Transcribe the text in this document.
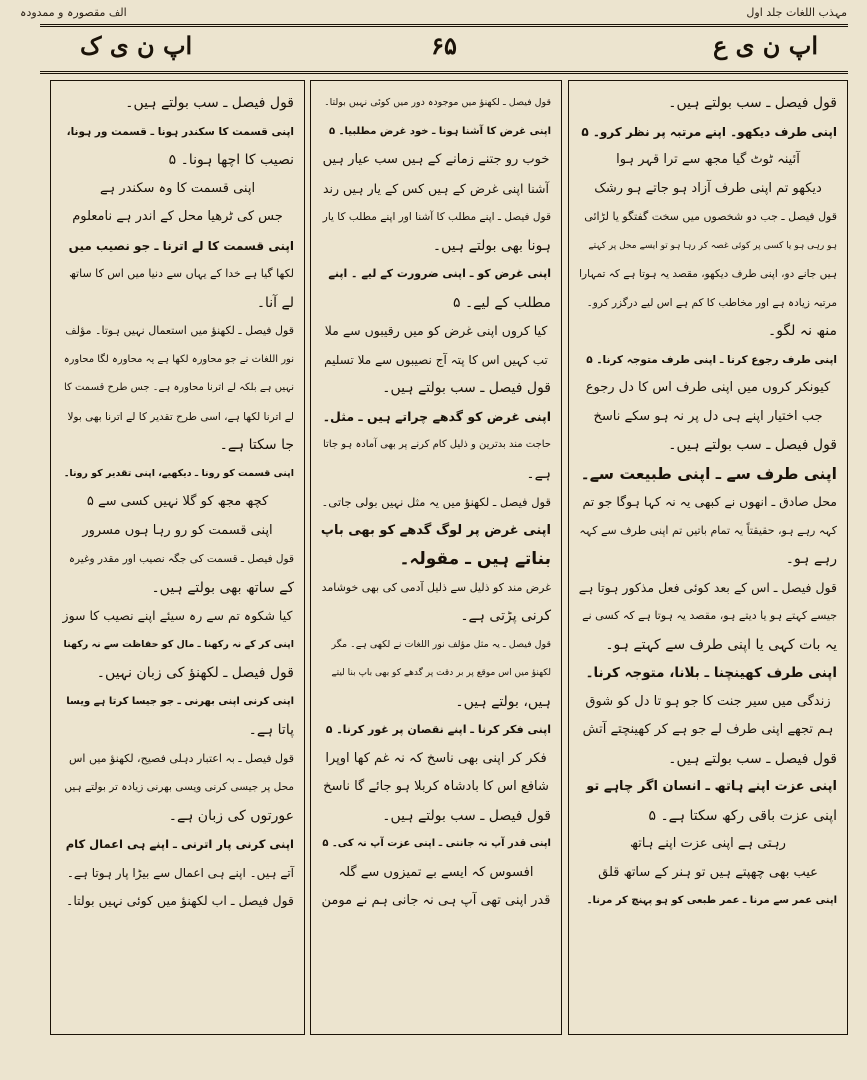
مہذب اللغات جلد اول
الف مقصورہ و ممدودہ
اپ ن ی ع
۶۵
اپ ن ی ک
قول فیصل ـ سب بولتے ہیں۔
اپنی طرف دیکھو۔ اپنے مرتبہ پر نظر کرو۔ ۵
آئینہ ٹوٹ گیا مجھ سے ترا قہر ہوا
دیکھو تم اپنی طرف آزاد ہو جاتے ہو رشک
قول فیصل ـ جب دو شخصوں میں سخت گفتگو یا لڑائی
ہو رہی ہو یا کسی پر کوئی غصہ کر رہا ہو تو ایسے محل پر کہتے
ہیں جانے دو، اپنی طرف دیکھو، مقصد یہ ہوتا ہے کہ تمہارا
مرتبہ زیادہ ہے اور مخاطب کا کم ہے اس لیے درگزر کرو۔
منھ نہ لگو۔
اپنی طرف رجوع کرنا ـ اپنی طرف متوجہ کرنا۔ ۵
کیونکر کروں میں اپنی طرف اس کا دل رجوع
جب اختیار اپنے ہی دل پر نہ ہو سکے ناسخ
قول فیصل ـ سب بولتے ہیں۔
اپنی طرف سے ـ اپنی طبیعت سے۔
محل صادق ـ انھوں نے کبھی یہ نہ کہا ہوگا جو تم
کہہ رہے ہو، حقیقتاً یہ تمام باتیں تم اپنی طرف سے کہہ
رہے ہو۔
قول فیصل ـ اس کے بعد کوئی فعل مذکور ہوتا ہے
جیسے کہتے ہو یا دیتے ہو، مقصد یہ ہوتا ہے کہ کسی نے
یہ بات کہی یا اپنی طرف سے کہتے ہو۔
اپنی طرف کھینچنا ـ بلانا، متوجہ کرنا۔
زندگی میں سیر جنت کا جو ہو تا دل کو شوق
ہم تجھے اپنی طرف لے جو ہے کر کھینچتے آتش
قول فیصل ـ سب بولتے ہیں۔
اپنی عزت اپنے ہاتھ ـ انسان اگر چاہے تو
اپنی عزت باقی رکھ سکتا ہے۔ ۵
رہتی ہے اپنی عزت اپنے ہاتھ
عیب بھی چھپتے ہیں تو ہنر کے ساتھ قلق
اپنی عمر سے مرنا ـ عمر طبعی کو ہو پہنچ کر مرنا۔
قول فیصل ـ لکھنؤ میں موجودہ دور میں کوئی نہیں بولتا۔
اپنی غرض کا آشنا ہونا ـ خود غرض مطلبیا۔ ۵
خوب رو جتنے زمانے کے ہیں سب عیار ہیں
آشنا اپنی غرض کے ہیں کس کے یار ہیں رند
قول فیصل ـ اپنے مطلب کا آشنا اور اپنے مطلب کا یار
ہونا بھی بولتے ہیں۔
اپنی غرض کو ـ اپنی ضرورت کے لیے ۔ اپنے
مطلب کے لیے۔ ۵
کیا کروں اپنی غرض کو میں رقیبوں سے ملا
تب کہیں اس کا پتہ آج نصیبوں سے ملا تسلیم
قول فیصل ـ سب بولتے ہیں۔
اپنی غرض کو گدھے چراتے ہیں ـ مثل۔
حاجت مند بدترین و ذلیل کام کرنے پر بھی آمادہ ہو جاتا
ہے۔
قول فیصل ـ لکھنؤ میں یہ مثل نہیں بولی جاتی۔
اپنی غرض پر لوگ گدھے کو بھی باپ
بناتے ہیں ـ مقولہ۔
غرض مند کو ذلیل سے ذلیل آدمی کی بھی خوشامد
کرنی پڑتی ہے۔
قول فیصل ـ یہ مثل مؤلف نور اللغات نے لکھی ہے۔ مگر
لکھنؤ میں اس موقع پر بر دقت پر گدھے کو بھی باپ بنا لیتے
ہیں، بولتے ہیں۔
اپنی فکر کرنا ـ اپنے نقصان پر غور کرنا۔ ۵
فکر کر اپنی بھی ناسخ کہ نہ غم کھا اوپرا
شافع اس کا بادشاہ کربلا ہو جائے گا ناسخ
قول فیصل ـ سب بولتے ہیں۔
اپنی قدر آپ نہ جاننی ـ اپنی عزت آپ نہ کی۔ ۵
افسوس کہ ایسے بے تمیزوں سے گلہ
قدر اپنی تھی آپ ہی نہ جانی ہم نے مومن
قول فیصل ـ سب بولتے ہیں۔
اپنی قسمت کا سکندر ہونا ـ قسمت ور ہونا،
نصیب کا اچھا ہونا۔ ۵
اپنی قسمت کا وہ سکندر ہے
جس کی ٹرھیا محل کے اندر ہے نامعلوم
اپنی قسمت کا لے اترنا ـ جو نصیب میں
لکھا گیا ہے خدا کے یہاں سے دنیا میں اس کا ساتھ
لے آنا۔
قول فیصل ـ لکھنؤ میں استعمال نہیں ہوتا۔ مؤلف
نور اللغات نے جو محاورہ لکھا ہے یہ محاورہ لگا محاورہ
نہیں ہے بلکہ لے اترنا محاورہ ہے۔ جس طرح قسمت کا
لے اترنا لکھا ہے، اسی طرح تقدیر کا لے اترنا بھی بولا
جا سکتا ہے۔
اپنی قسمت کو رونا ـ دیکھیے، اپنی تقدیر کو رونا۔
کچھ مجھ کو گلا نہیں کسی سے ۵
اپنی قسمت کو رو رہا ہوں مسرور
قول فیصل ـ قسمت کی جگہ نصیب اور مقدر وغیرہ
کے ساتھ بھی بولتے ہیں۔
کیا شکوہ تم سے رہ سیئے اپنے نصیب کا سوز
اپنی کر کے نہ رکھنا ـ مال کو حفاظت سے نہ رکھنا
قول فیصل ـ لکھنؤ کی زبان نہیں۔
اپنی کرنی اپنی بھرنی ـ جو جیسا کرتا ہے ویسا
پاتا ہے۔
قول فیصل ـ بہ اعتبار دہلی فصیح، لکھنؤ میں اس
محل پر جیسی کرنی ویسی بھرنی زیادہ تر بولتے ہیں
عورتوں کی زبان ہے۔
اپنی کرنی پار اترنی ـ اپنے ہی اعمال کام
آتے ہیں۔ اپنے ہی اعمال سے بیڑا پار ہوتا ہے۔
قول فیصل ـ اب لکھنؤ میں کوئی نہیں بولتا۔
